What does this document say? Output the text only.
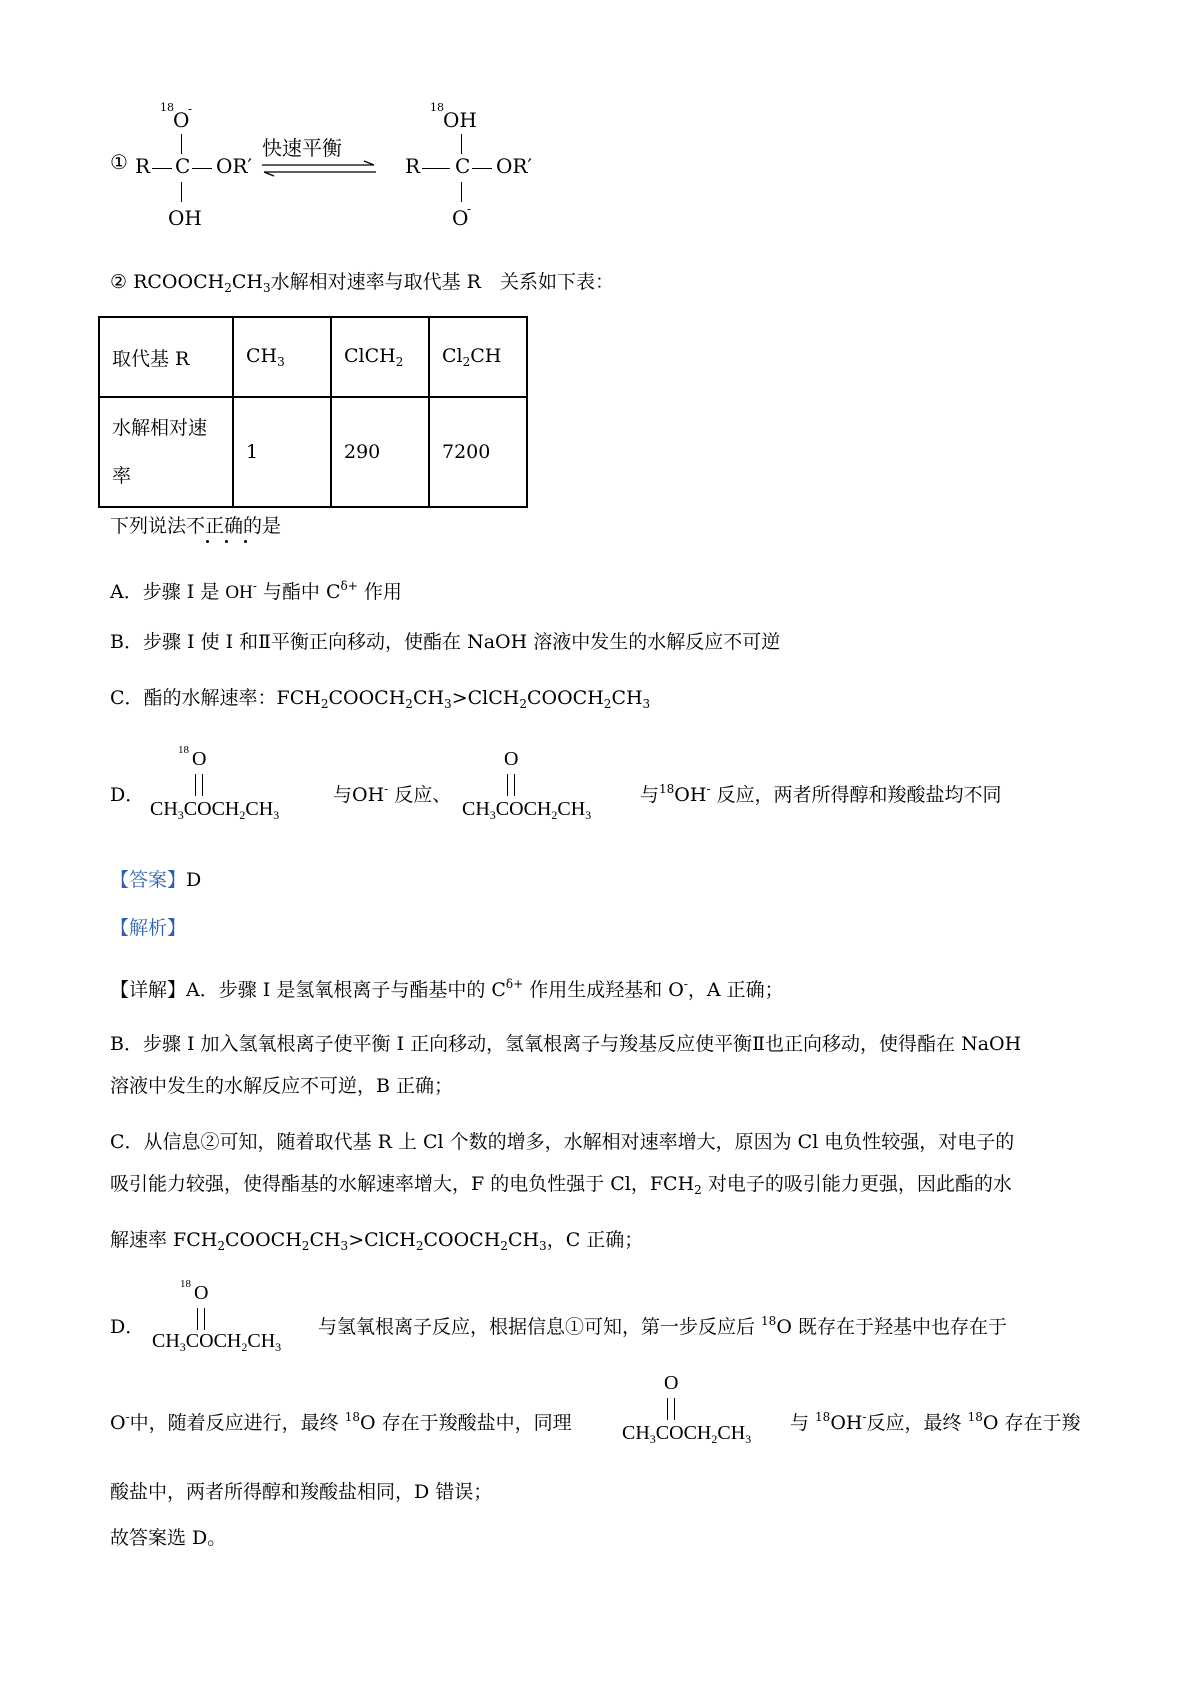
①
18
O
-
R C OR′
OH
快速平衡
18
OH
R C OR′
O
-
② $RCOOCH_2CH_3$水解相对速率与取代基 R　关系如下表：
取代基 R	$CH_3$	ClCH$_2$	$Cl_2CH$
水解相对速
率	1	290	7200
下列说法不正确的是
A．步骤 I 是 OH- 与酯中 $C^{\delta+}$ 作用
B．步骤 I 使 I 和Ⅱ平衡正向移动，使酯在 NaOH 溶液中发生的水解反应不可逆
C．酯的水解速率：$FCH_2COOCH_2CH_3>ClCH_2COOCH_2CH_3$
D．
18 O
$CH_3COCH_2CH_3$
与OH- 反应、
O
$CH_3COCH_2CH_3$
与$^{18}$OH- 反应，两者所得醇和羧酸盐均不同
【答案】D
【解析】
【详解】A．步骤 I 是氢氧根离子与酯基中的 $C^{\delta+}$ 作用生成羟基和 O-，A 正确；
B．步骤 I 加入氢氧根离子使平衡 I 正向移动，氢氧根离子与羧基反应使平衡Ⅱ也正向移动，使得酯在 NaOH
溶液中发生的水解反应不可逆，B 正确；
C．从信息②可知，随着取代基 R 上 Cl 个数的增多，水解相对速率增大，原因为 Cl 电负性较强，对电子的
吸引能力较强，使得酯基的水解速率增大，F 的电负性强于 Cl，$FCH_2$ 对电子的吸引能力更强，因此酯的水
解速率 $FCH_2COOCH_2CH_3>ClCH_2COOCH_2CH_3$，C 正确；
D．
18 O
$CH_3COCH_2CH_3$
与氢氧根离子反应，根据信息①可知，第一步反应后 $^{18}$O 既存在于羟基中也存在于
O-中，随着反应进行，最终 $^{18}$O 存在于羧酸盐中，同理
O
$CH_3COCH_2CH_3$
与 $^{18}$OH-反应，最终 $^{18}$O 存在于羧
酸盐中，两者所得醇和羧酸盐相同，D 错误；
故答案选 D。
